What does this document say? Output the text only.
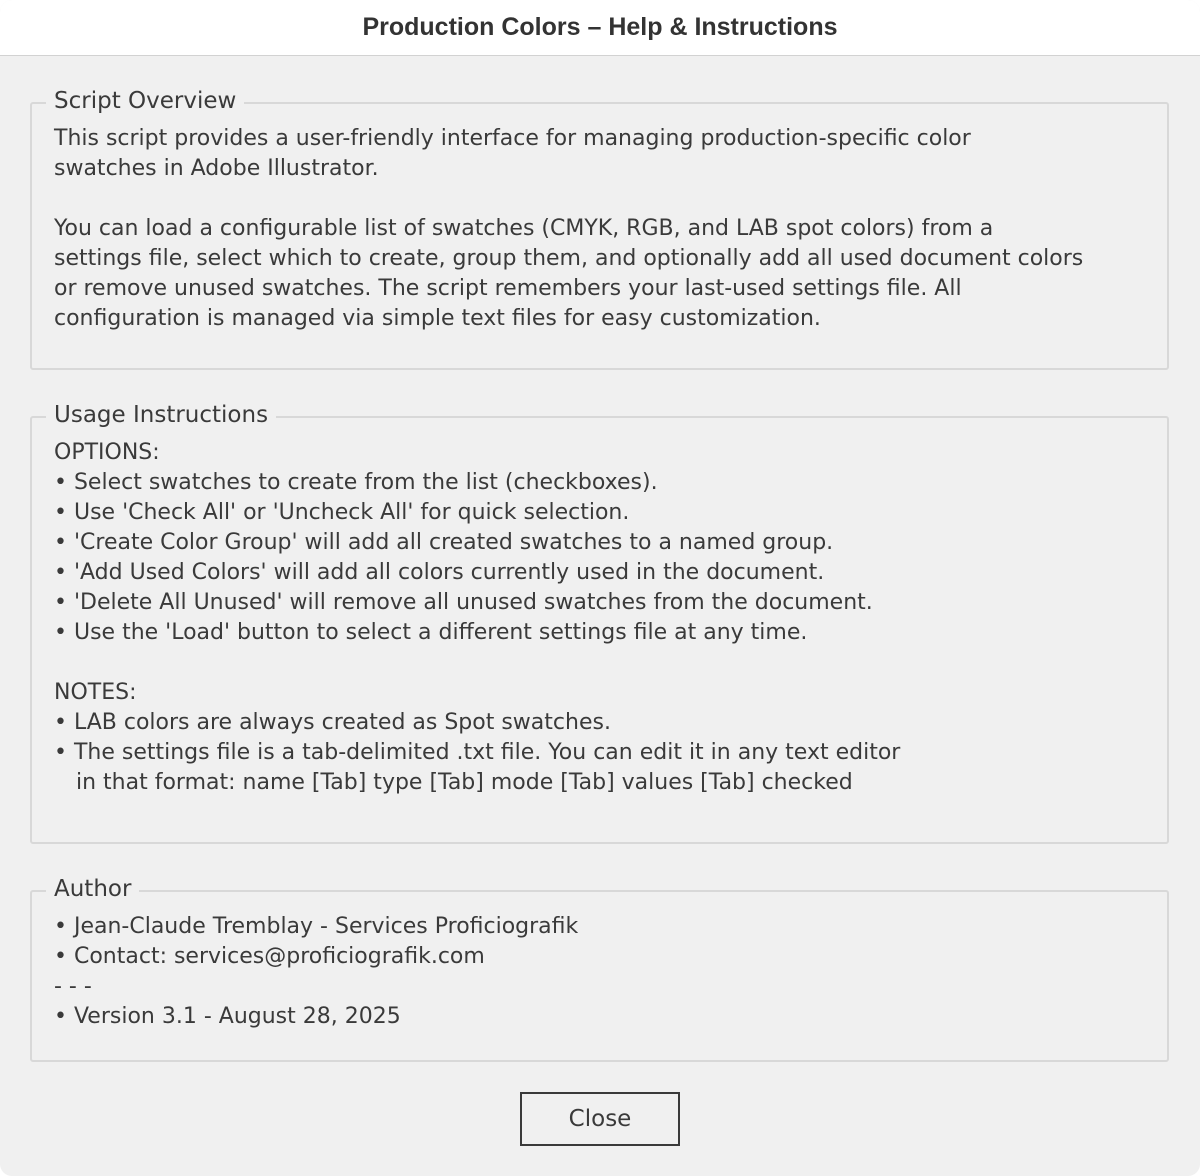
Production Colors – Help & Instructions
Script Overview
This script provides a user-friendly interface for managing production-specific color
swatches in Adobe Illustrator.
You can load a configurable list of swatches (CMYK, RGB, and LAB spot colors) from a
settings file, select which to create, group them, and optionally add all used document colors
or remove unused swatches. The script remembers your last-used settings file. All
configuration is managed via simple text files for easy customization.
Usage Instructions
OPTIONS:
• Select swatches to create from the list (checkboxes).
• Use 'Check All' or 'Uncheck All' for quick selection.
• 'Create Color Group' will add all created swatches to a named group.
• 'Add Used Colors' will add all colors currently used in the document.
• 'Delete All Unused' will remove all unused swatches from the document.
• Use the 'Load' button to select a different settings file at any time.
NOTES:
• LAB colors are always created as Spot swatches.
• The settings file is a tab-delimited .txt file. You can edit it in any text editor
in that format: name [Tab] type [Tab] mode [Tab] values [Tab] checked
Author
• Jean-Claude Tremblay - Services Proficiografik
• Contact: services@proficiografik.com
- - -
• Version 3.1 - August 28, 2025
Close
